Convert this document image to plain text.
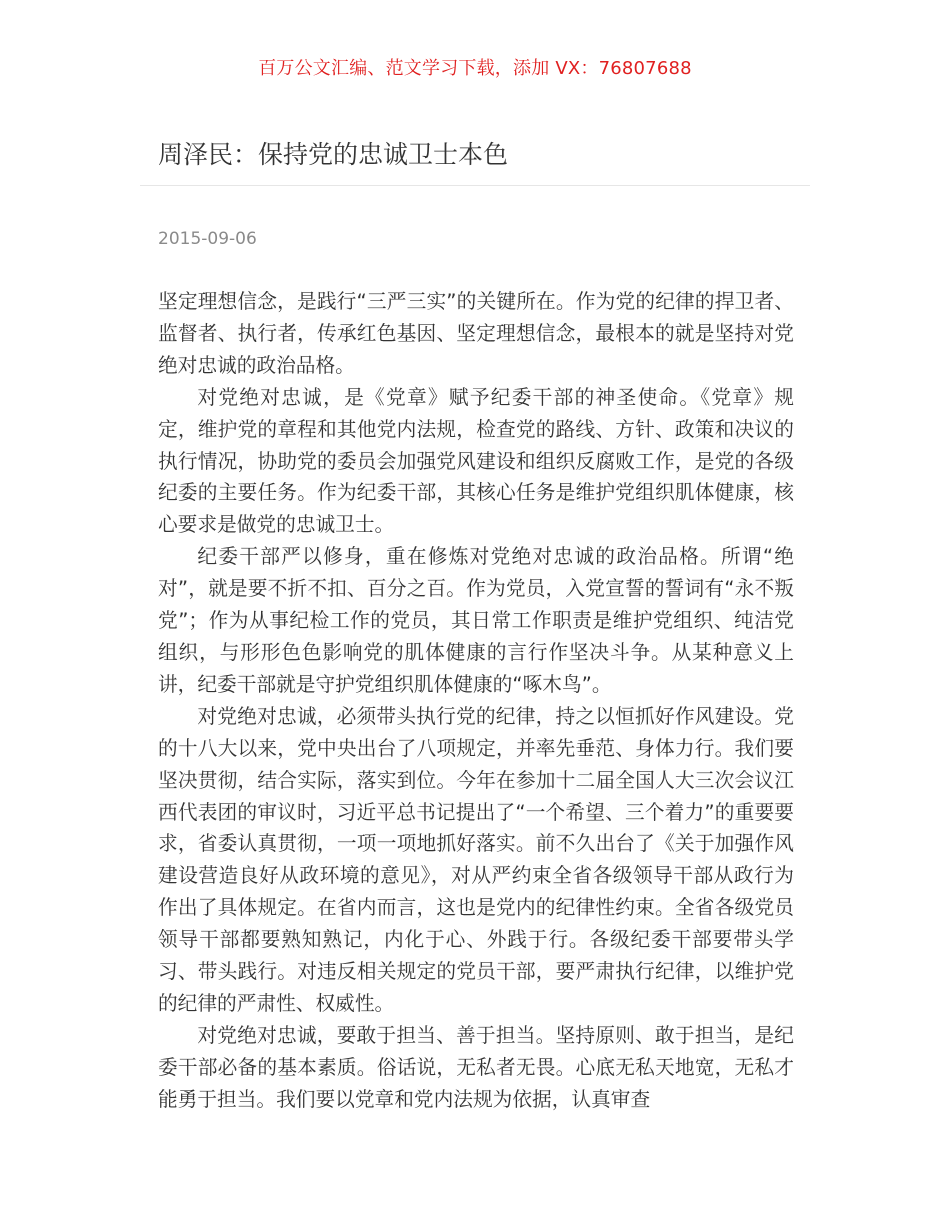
百万公文汇编、范文学习下载，添加 VX：76807688
周泽民：保持党的忠诚卫士本色
2015-09-06

坚定理想信念，是践行“三严三实”的关键所在。作为党的纪律的捍卫者、监督者、执行者，传承红色基因、坚定理想信念，最根本的就是坚持对党绝对忠诚的政治品格。

对党绝对忠诚，是《党章》赋予纪委干部的神圣使命。《党章》规定，维护党的章程和其他党内法规，检查党的路线、方针、政策和决议的执行情况，协助党的委员会加强党风建设和组织反腐败工作，是党的各级纪委的主要任务。作为纪委干部，其核心任务是维护党组织肌体健康，核心要求是做党的忠诚卫士。

纪委干部严以修身，重在修炼对党绝对忠诚的政治品格。所谓“绝对”，就是要不折不扣、百分之百。作为党员，入党宣誓的誓词有“永不叛党”；作为从事纪检工作的党员，其日常工作职责是维护党组织、纯洁党组织，与形形色色影响党的肌体健康的言行作坚决斗争。从某种意义上讲，纪委干部就是守护党组织肌体健康的“啄木鸟”。

对党绝对忠诚，必须带头执行党的纪律，持之以恒抓好作风建设。党的十八大以来，党中央出台了八项规定，并率先垂范、身体力行。我们要坚决贯彻，结合实际，落实到位。今年在参加十二届全国人大三次会议江西代表团的审议时，习近平总书记提出了“一个希望、三个着力”的重要要求，省委认真贯彻，一项一项地抓好落实。前不久出台了《关于加强作风建设营造良好从政环境的意见》，对从严约束全省各级领导干部从政行为作出了具体规定。在省内而言，这也是党内的纪律性约束。全省各级党员领导干部都要熟知熟记，内化于心、外践于行。各级纪委干部要带头学习、带头践行。对违反相关规定的党员干部，要严肃执行纪律，以维护党的纪律的严肃性、权威性。

对党绝对忠诚，要敢于担当、善于担当。坚持原则、敢于担当，是纪委干部必备的基本素质。俗话说，无私者无畏。心底无私天地宽，无私才能勇于担当。我们要以党章和党内法规为依据，认真审查
